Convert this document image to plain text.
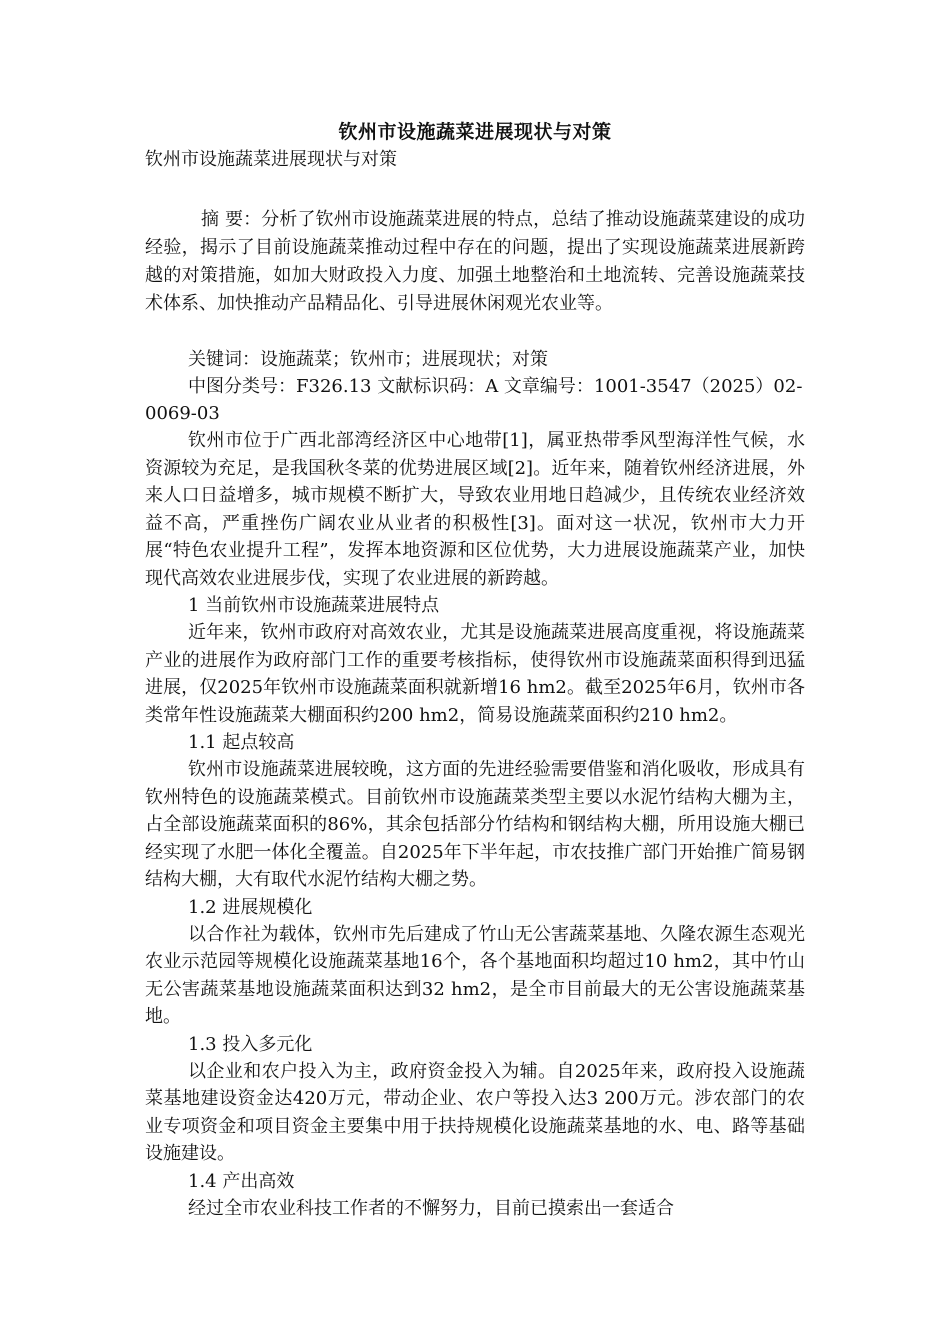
钦州市设施蔬菜进展现状与对策
钦州市设施蔬菜进展现状与对策

摘 要：分析了钦州市设施蔬菜进展的特点，总结了推动设施蔬菜建设的成功经验，揭示了目前设施蔬菜推动过程中存在的问题，提出了实现设施蔬菜进展新跨越的对策措施，如加大财政投入力度、加强土地整治和土地流转、完善设施蔬菜技术体系、加快推动产品精品化、引导进展休闲观光农业等。

关键词：设施蔬菜；钦州市；进展现状；对策

中图分类号：F326.13 文献标识码：A 文章编号：1001-3547（2025）02-0069-03

钦州市位于广西北部湾经济区中心地带[1]，属亚热带季风型海洋性气候，水资源较为充足，是我国秋冬菜的优势进展区域[2]。近年来，随着钦州经济进展，外来人口日益增多，城市规模不断扩大，导致农业用地日趋减少，且传统农业经济效益不高，严重挫伤广阔农业从业者的积极性[3]。面对这一状况，钦州市大力开展“特色农业提升工程”，发挥本地资源和区位优势，大力进展设施蔬菜产业，加快现代高效农业进展步伐，实现了农业进展的新跨越。

1 当前钦州市设施蔬菜进展特点

近年来，钦州市政府对高效农业，尤其是设施蔬菜进展高度重视，将设施蔬菜产业的进展作为政府部门工作的重要考核指标，使得钦州市设施蔬菜面积得到迅猛进展，仅2025年钦州市设施蔬菜面积就新增16 hm2。截至2025年6月，钦州市各类常年性设施蔬菜大棚面积约200 hm2，简易设施蔬菜面积约210 hm2。

1.1 起点较高

钦州市设施蔬菜进展较晚，这方面的先进经验需要借鉴和消化吸收，形成具有钦州特色的设施蔬菜模式。目前钦州市设施蔬菜类型主要以水泥竹结构大棚为主，占全部设施蔬菜面积的86%，其余包括部分竹结构和钢结构大棚，所用设施大棚已经实现了水肥一体化全覆盖。自2025年下半年起，市农技推广部门开始推广简易钢结构大棚，大有取代水泥竹结构大棚之势。

1.2 进展规模化

以合作社为载体，钦州市先后建成了竹山无公害蔬菜基地、久隆农源生态观光农业示范园等规模化设施蔬菜基地16个，各个基地面积均超过10 hm2，其中竹山无公害蔬菜基地设施蔬菜面积达到32 hm2，是全市目前最大的无公害设施蔬菜基地。

1.3 投入多元化

以企业和农户投入为主，政府资金投入为辅。自2025年来，政府投入设施蔬菜基地建设资金达420万元，带动企业、农户等投入达3 200万元。涉农部门的农业专项资金和项目资金主要集中用于扶持规模化设施蔬菜基地的水、电、路等基础设施建设。

1.4 产出高效

经过全市农业科技工作者的不懈努力，目前已摸索出一套适合
